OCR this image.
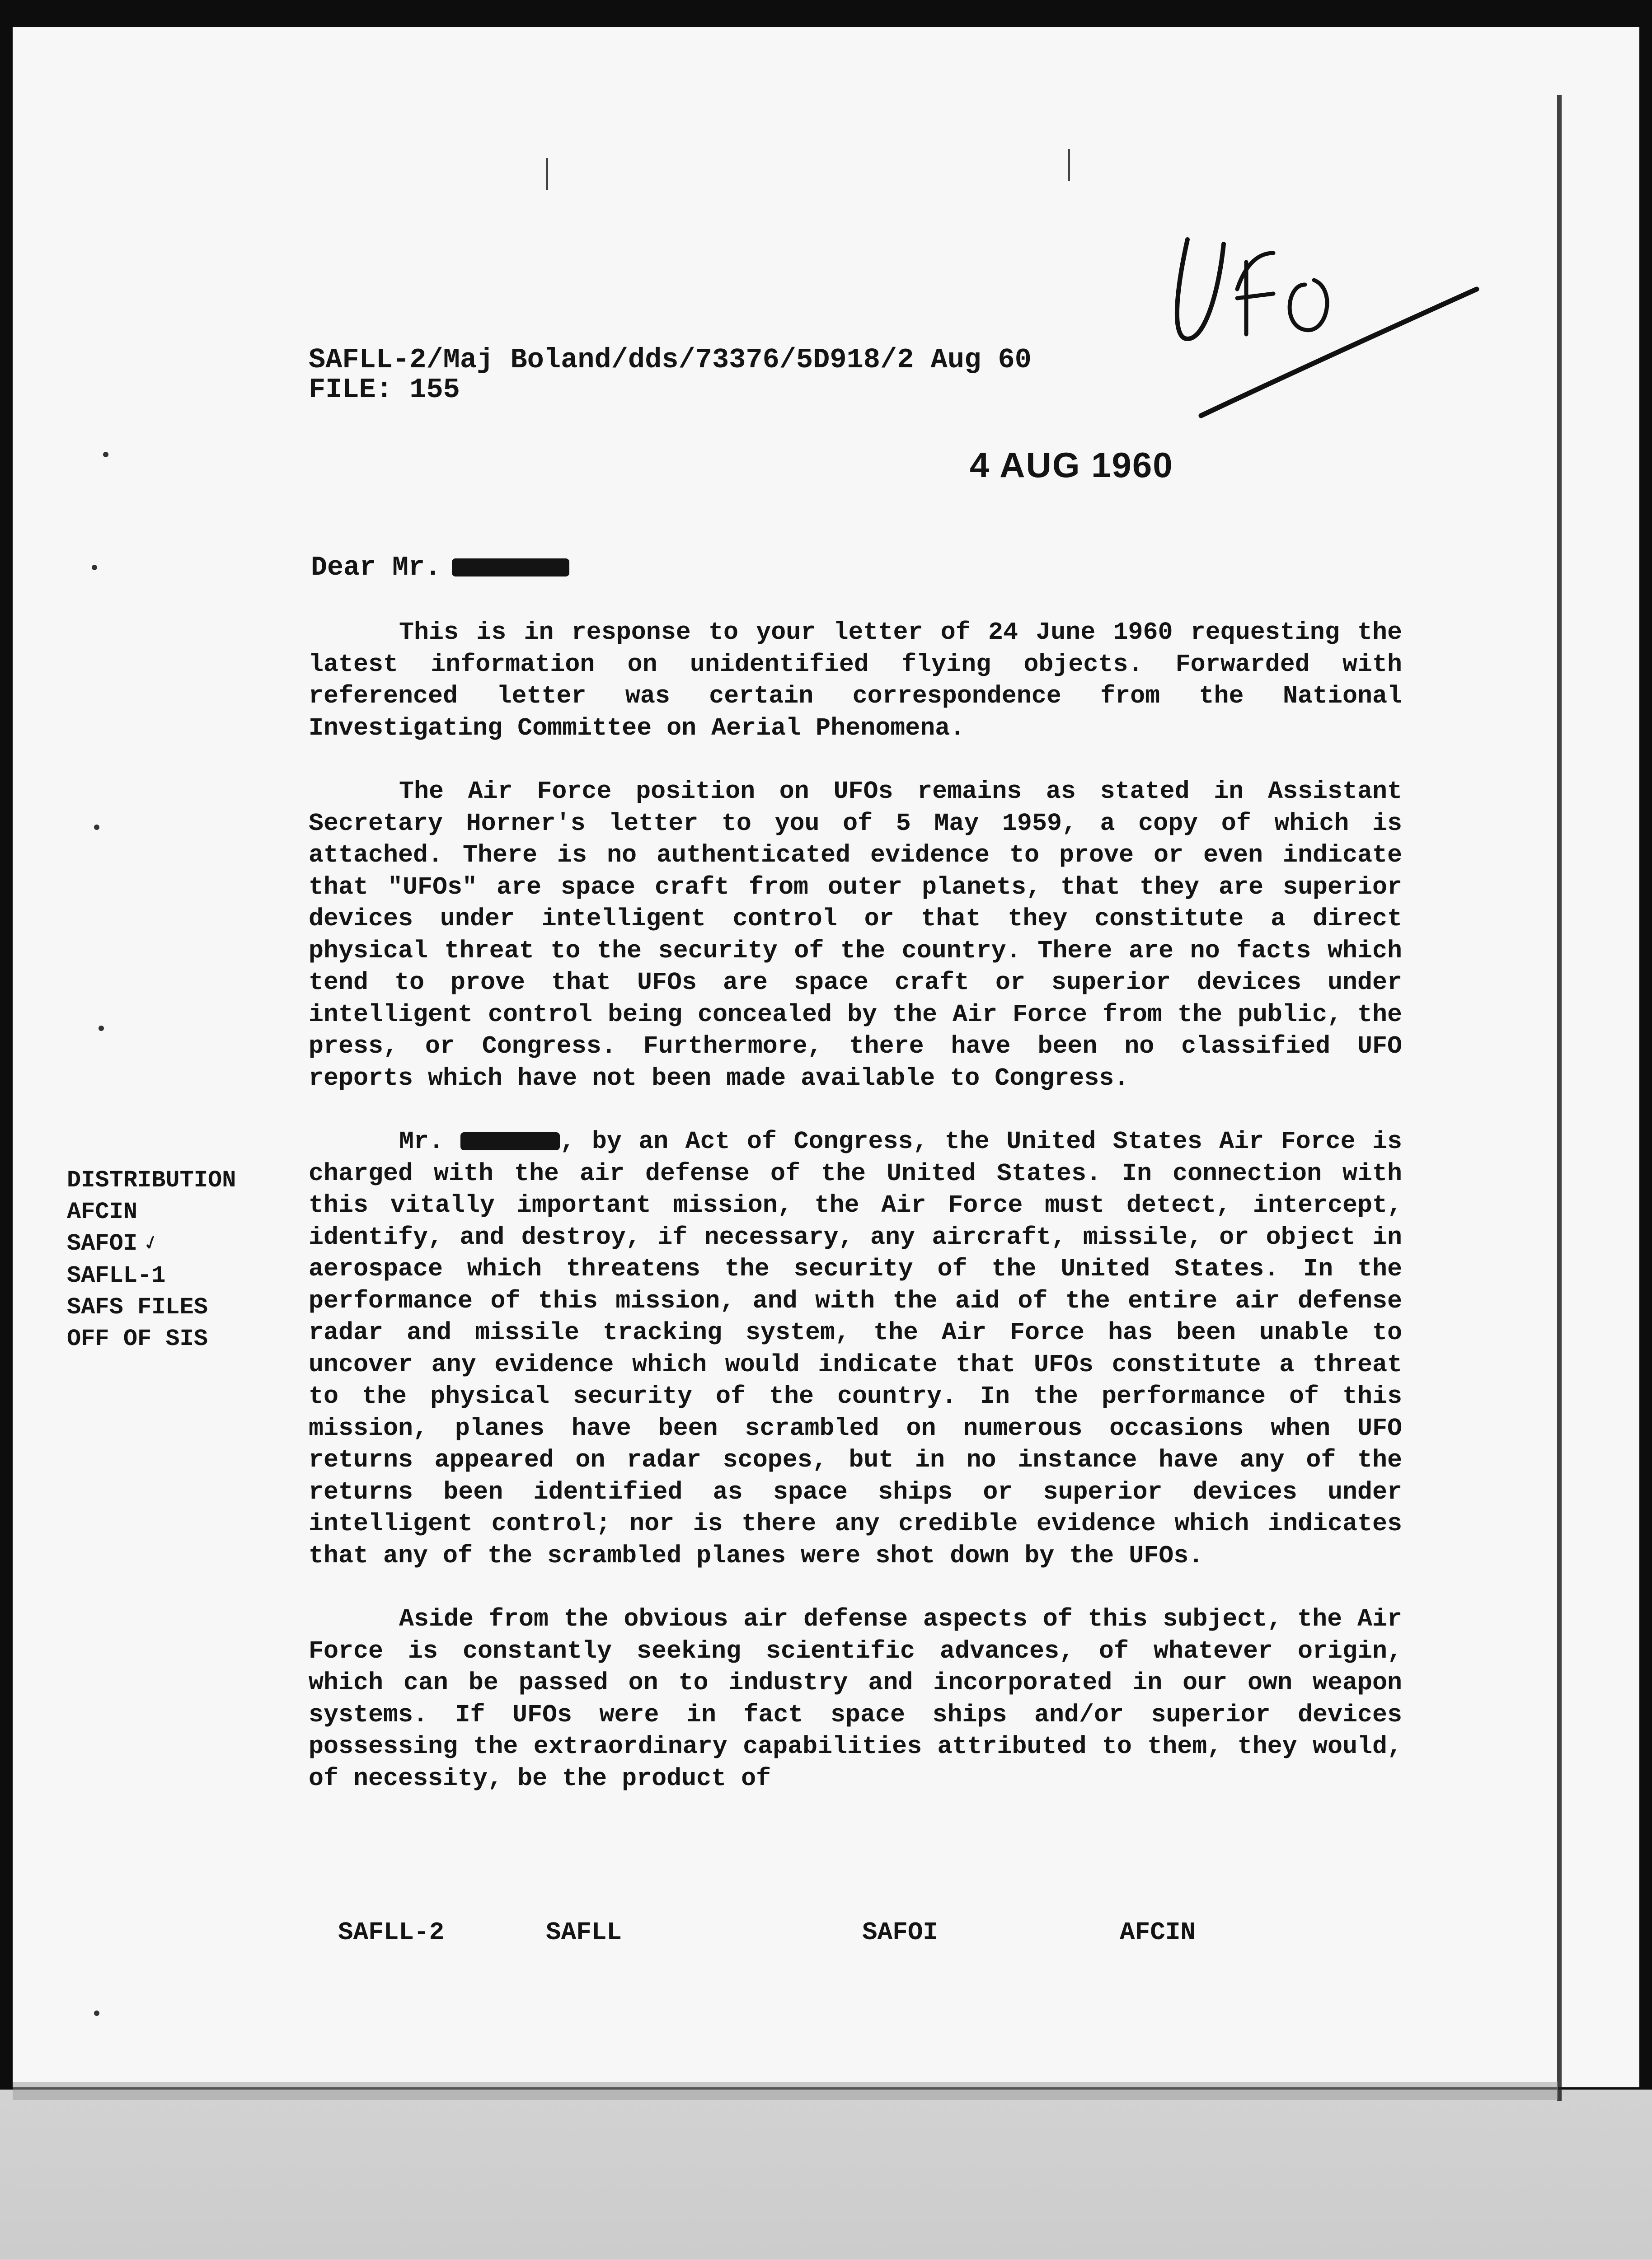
SAFLL-2/Maj Boland/dds/73376/5D918/2 Aug 60
FILE: 155
4 AUG 1960
Dear Mr.

This is in response to your letter of 24 June 1960 requesting the latest information on unidentified flying objects. Forwarded with referenced letter was certain correspondence from the National Investigating Committee on Aerial Phenomena.

The Air Force position on UFOs remains as stated in Assistant Secretary Horner's letter to you of 5 May 1959, a copy of which is attached. There is no authenticated evidence to prove or even indicate that "UFOs" are space craft from outer planets, that they are superior devices under intelligent control or that they constitute a direct physical threat to the security of the country. There are no facts which tend to prove that UFOs are space craft or superior devices under intelligent control being concealed by the Air Force from the public, the press, or Congress. Furthermore, there have been no classified UFO reports which have not been made available to Congress.

Mr.	, by an Act of Congress, the United States Air Force is charged with the air defense of the United States. In connection with this vitally important mission, the Air Force must detect, intercept, identify, and destroy, if necessary, any aircraft, missile, or object in aerospace which threatens the security of the United States. In the performance of this mission, and with the aid of the entire air defense radar and missile tracking system, the Air Force has been unable to uncover any evidence which would indicate that UFOs constitute a threat to the physical security of the country. In the performance of this mission, planes have been scrambled on numerous occasions when UFO returns appeared on radar scopes, but in no instance have any of the returns been identified as space ships or superior devices under intelligent control; nor is there any credible evidence which indicates that any of the scrambled planes were shot down by the UFOs.

Aside from the obvious air defense aspects of this subject, the Air Force is constantly seeking scientific advances, of whatever origin, which can be passed on to industry and incorporated in our own weapon systems. If UFOs were in fact space ships and/or superior devices possessing the extraordinary capabilities attributed to them, they would, of necessity, be the product of

DISTRIBUTION
AFCIN
SAFOI ✓
SAFLL-1
SAFS FILES
OFF OF SIS
SAFLL-2	SAFLL	SAFOI	AFCIN
